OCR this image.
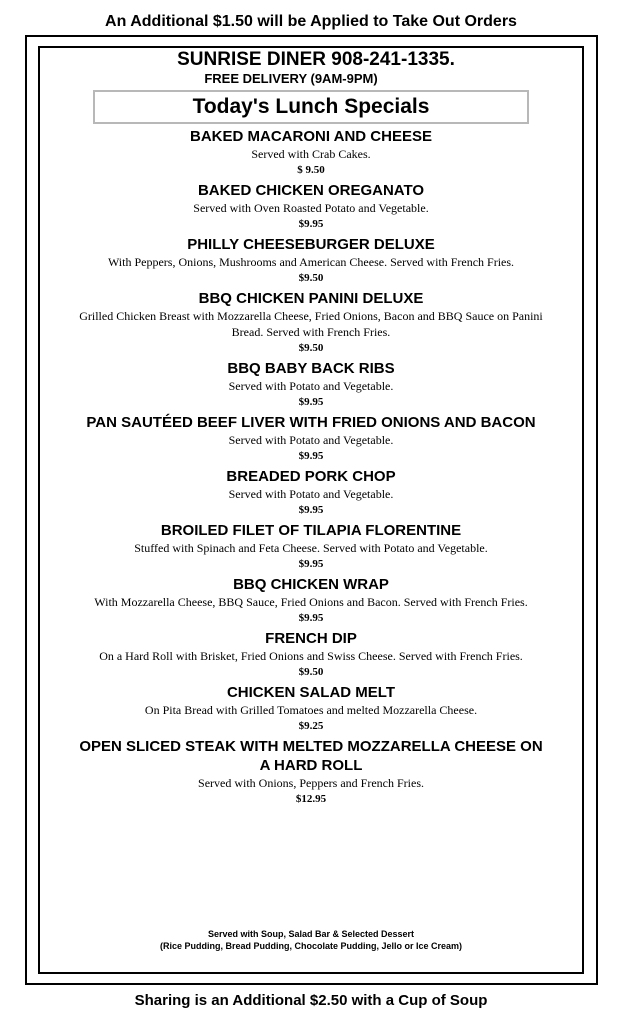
An Additional $1.50 will be Applied to Take Out Orders
SUNRISE DINER 908-241-1335.
FREE DELIVERY (9AM-9PM)
Today's Lunch Specials
BAKED MACARONI AND CHEESE
Served with Crab Cakes.
$ 9.50
BAKED CHICKEN OREGANATO
Served with Oven Roasted Potato and Vegetable.
$9.95
PHILLY CHEESEBURGER DELUXE
With Peppers, Onions, Mushrooms and American Cheese. Served with French Fries.
$9.50
BBQ CHICKEN PANINI DELUXE
Grilled Chicken Breast with Mozzarella Cheese, Fried Onions, Bacon and BBQ Sauce on Panini Bread. Served with French Fries.
$9.50
BBQ BABY BACK RIBS
Served with Potato and Vegetable.
$9.95
PAN SAUTÉED BEEF LIVER WITH FRIED ONIONS AND BACON
Served with Potato and Vegetable.
$9.95
BREADED PORK CHOP
Served with Potato and Vegetable.
$9.95
BROILED FILET OF TILAPIA FLORENTINE
Stuffed with Spinach and Feta Cheese. Served with Potato and Vegetable.
$9.95
BBQ CHICKEN WRAP
With Mozzarella Cheese, BBQ Sauce, Fried Onions and Bacon. Served with French Fries.
$9.95
FRENCH DIP
On a Hard Roll with Brisket, Fried Onions and Swiss Cheese. Served with French Fries.
$9.50
CHICKEN SALAD MELT
On Pita Bread with Grilled Tomatoes and melted Mozzarella Cheese.
$9.25
OPEN SLICED STEAK WITH MELTED MOZZARELLA CHEESE ON A HARD ROLL
Served with Onions, Peppers and French Fries.
$12.95
Served with Soup, Salad Bar & Selected Dessert
(Rice Pudding, Bread Pudding, Chocolate Pudding, Jello or Ice Cream)
Sharing is an Additional $2.50 with a Cup of Soup
